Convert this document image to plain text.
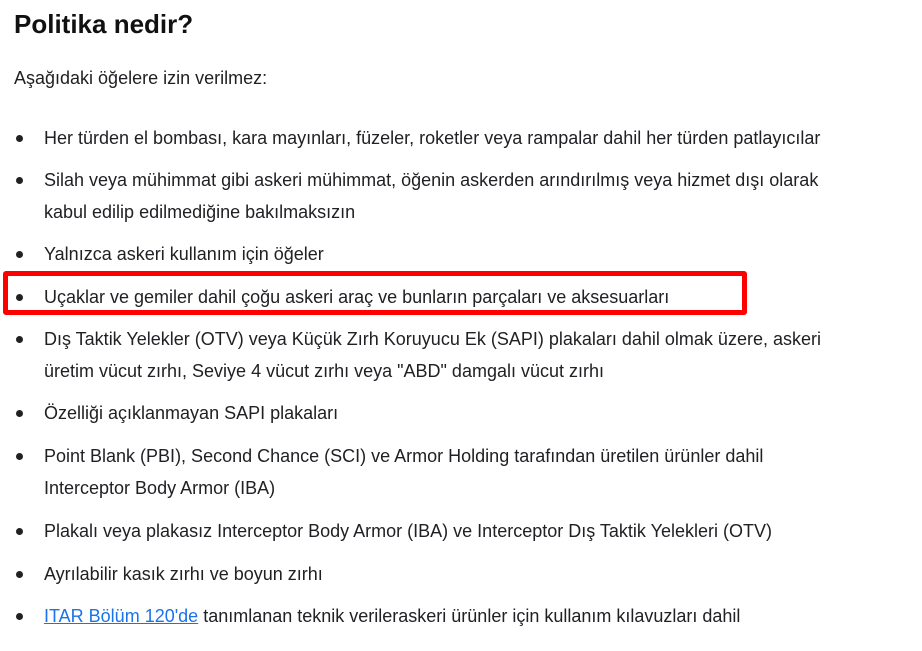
Politika nedir?

Aşağıdaki öğelere izin verilmez:

Her türden el bombası, kara mayınları, füzeler, roketler veya rampalar dahil her türden patlayıcılar
Silah veya mühimmat gibi askeri mühimmat, öğenin askerden arındırılmış veya hizmet dışı olarak
kabul edilip edilmediğine bakılmaksızın
Yalnızca askeri kullanım için öğeler
Uçaklar ve gemiler dahil çoğu askeri araç ve bunların parçaları ve aksesuarları
Dış Taktik Yelekler (OTV) veya Küçük Zırh Koruyucu Ek (SAPI) plakaları dahil olmak üzere, askeri
üretim vücut zırhı, Seviye 4 vücut zırhı veya "ABD" damgalı vücut zırhı
Özelliği açıklanmayan SAPI plakaları
Point Blank (PBI), Second Chance (SCI) ve Armor Holding tarafından üretilen ürünler dahil
Interceptor Body Armor (IBA)
Plakalı veya plakasız Interceptor Body Armor (IBA) ve Interceptor Dış Taktik Yelekleri (OTV)
Ayrılabilir kasık zırhı ve boyun zırhı
ITAR Bölüm 120'de tanımlanan teknik verileraskeri ürünler için kullanım kılavuzları dahil
